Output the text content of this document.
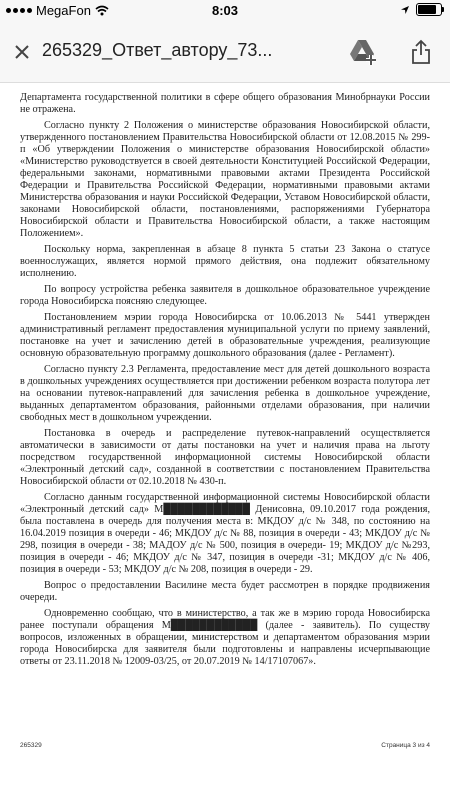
MegaFon	8:03
265329_Ответ_автору_73...

Департамента государственной политики в сфере общего образования Минобрнауки России не отражена.

Согласно пункту 2 Положения о министерстве образования Новосибирской области, утвержденного постановлением Правительства Новосибирской области от 12.08.2015 № 299-п «Об утверждении Положения о министерстве образования Новосибирской области» «Министерство руководствуется в своей деятельности Конституцией Российской Федерации, федеральными законами, нормативными правовыми актами Президента Российской Федерации и Правительства Российской Федерации, нормативными правовыми актами Министерства образования и науки Российской Федерации, Уставом Новосибирской области, законами Новосибирской области, постановлениями, распоряжениями Губернатора Новосибирской области и Правительства Новосибирской области, а также настоящим Положением».

Поскольку норма, закрепленная в абзаце 8 пункта 5 статьи 23 Закона о статусе военнослужащих, является нормой прямого действия, она подлежит обязательному исполнению.

По вопросу устройства ребенка заявителя в дошкольное образовательное учреждение города Новосибирска поясняю следующее.

Постановлением мэрии города Новосибирска от 10.06.2013 № 5441 утвержден административный регламент предоставления муниципальной услуги по приему заявлений, постановке на учет и зачислению детей в образовательные учреждения, реализующие основную образовательную программу дошкольного образования (далее - Регламент).

Согласно пункту 2.3 Регламента, предоставление мест для детей дошкольного возраста в дошкольных учреждениях осуществляется при достижении ребенком возраста полутора лет на основании путевок-направлений для зачисления ребенка в дошкольное учреждение, выданных департаментом образования, районными отделами образования, при наличии свободных мест в дошкольном учреждении.

Постановка в очередь и распределение путевок-направлений осуществляется автоматически в зависимости от даты постановки на учет и наличия права на льготу посредством государственной информационной системы Новосибирской области «Электронный детский сад», созданной в соответствии с постановлением Правительства Новосибирской области от 02.10.2018 № 430-п.

Согласно данным государственной информационной системы Новосибирской области «Электронный детский сад» М████████████ Денисовна, 09.10.2017 года рождения, была поставлена в очередь для получения места в: МКДОУ д/с № 348, по состоянию на 16.04.2019 позиция в очереди - 46; МКДОУ д/с № 88, позиция в очереди - 43; МКДОУ д/с № 298, позиция в очереди - 38; МАДОУ д/с № 500, позиция в очереди- 19; МКДОУ д/с №293, позиция в очереди - 46; МКДОУ д/с № 347, позиция в очереди -31; МКДОУ д/с № 406, позиция в очереди - 53; МКДОУ д/с № 208, позиция в очереди - 29.

Вопрос о предоставлении Василине места будет рассмотрен в порядке продвижения очереди.

Одновременно сообщаю, что в министерство, а так же в мэрию города Новосибирска ранее поступали обращения М████████████ (далее - заявитель). По существу вопросов, изложенных в обращении, министерством и департаментом образования мэрии города Новосибирска для заявителя были подготовлены и направлены исчерпывающие ответы от 23.11.2018 № 12009-03/25, от 20.07.2019 № 14/17107067».

265329	Страница 3 из 4
